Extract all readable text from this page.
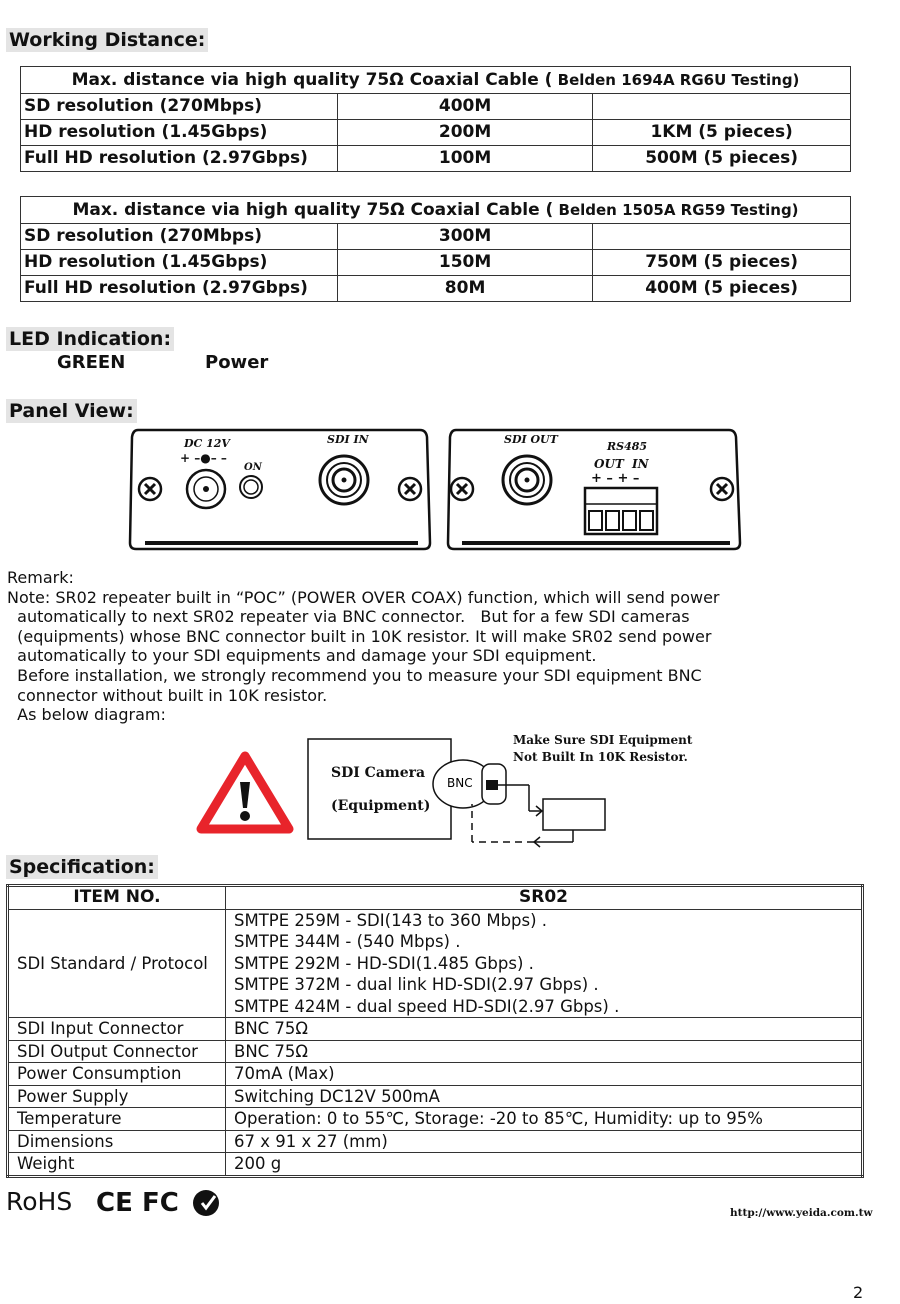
Working Distance:
Max. distance via high quality 75Ω Coaxial Cable ( Belden 1694A RG6U Testing)		
SD resolution (270Mbps)	400M	
HD resolution (1.45Gbps)	200M	1KM (5 pieces)
Full HD resolution (2.97Gbps)	100M	500M (5 pieces)
Max. distance via high quality 75Ω Coaxial Cable ( Belden 1505A RG59 Testing)		
SD resolution (270Mbps)	300M	
HD resolution (1.45Gbps)	150M	750M (5 pieces)
Full HD resolution (2.97Gbps)	80M	400M (5 pieces)
LED Indication:
GREEN	Power
Panel View:
DC 12V
+ –●– –
ON
SDI IN	SDI OUT
RS485
OUT IN
+ – + –
Remark:
Note: SR02 repeater built in “POC” (POWER OVER COAX) function, which will send power
automatically to next SR02 repeater via BNC connector.   But for a few SDI cameras
(equipments) whose BNC connector built in 10K resistor. It will make SR02 send power
automatically to your SDI equipments and damage your SDI equipment.
Before installation, we strongly recommend you to measure your SDI equipment BNC
connector without built in 10K resistor.
As below diagram:
SDI Camera
(Equipment)
Make Sure SDI Equipment
Not Built In 10K Resistor.
BNC
Specification:
ITEM NO.	SR02
SDI Standard / Protocol	SMTPE 259M - SDI(143 to 360 Mbps) .
SMTPE 344M - (540 Mbps) .
SMTPE 292M - HD-SDI(1.485 Gbps) .
SMTPE 372M - dual link HD-SDI(2.97 Gbps) .
SMTPE 424M - dual speed HD-SDI(2.97 Gbps) .

SDI Input Connector	BNC 75Ω
SDI Output Connector	BNC 75Ω
Power Consumption	70mA (Max)
Power Supply	Switching DC12V 500mA
Temperature	Operation: 0 to 55℃, Storage: -20 to 85℃, Humidity: up to 95%
Dimensions	67 x 91 x 27 (mm)
Weight	200 g
RoHS CE FC	http://www.yeida.com.tw
2
